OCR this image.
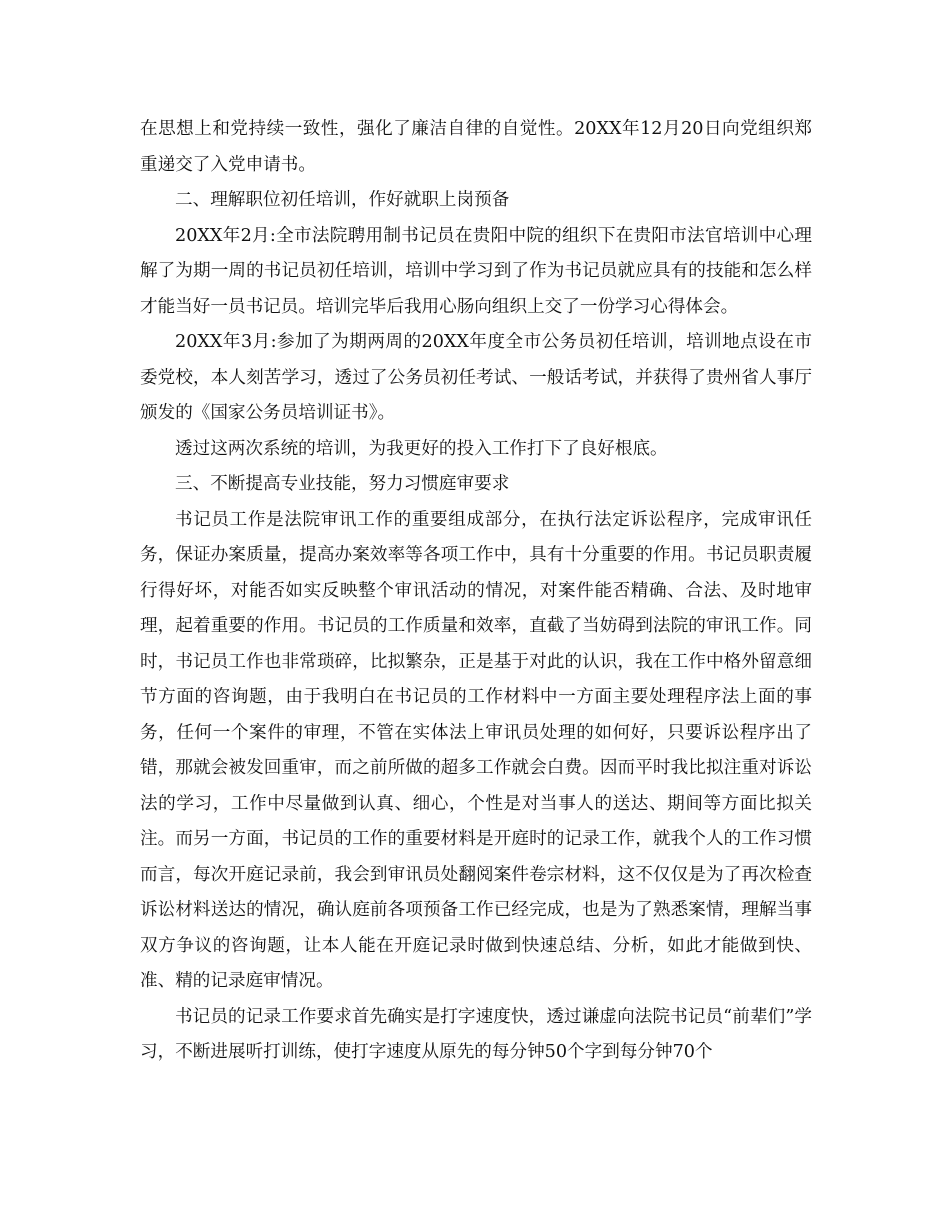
在思想上和党持续一致性，强化了廉洁自律的自觉性。20XX年12月20日向党组织郑重递交了入党申请书。

二、理解职位初任培训，作好就职上岗预备

20XX年2月:全市法院聘用制书记员在贵阳中院的组织下在贵阳市法官培训中心理解了为期一周的书记员初任培训，培训中学习到了作为书记员就应具有的技能和怎么样才能当好一员书记员。培训完毕后我用心肠向组织上交了一份学习心得体会。

20XX年3月:参加了为期两周的20XX年度全市公务员初任培训，培训地点设在市委党校，本人刻苦学习，透过了公务员初任考试、一般话考试，并获得了贵州省人事厅颁发的《国家公务员培训证书》。

透过这两次系统的培训，为我更好的投入工作打下了良好根底。

三、不断提高专业技能，努力习惯庭审要求

书记员工作是法院审讯工作的重要组成部分，在执行法定诉讼程序，完成审讯任务，保证办案质量，提高办案效率等各项工作中，具有十分重要的作用。书记员职责履行得好坏，对能否如实反映整个审讯活动的情况，对案件能否精确、合法、及时地审理，起着重要的作用。书记员的工作质量和效率，直截了当妨碍到法院的审讯工作。同时，书记员工作也非常琐碎，比拟繁杂，正是基于对此的认识，我在工作中格外留意细节方面的咨询题，由于我明白在书记员的工作材料中一方面主要处理程序法上面的事务，任何一个案件的审理，不管在实体法上审讯员处理的如何好，只要诉讼程序出了错，那就会被发回重审，而之前所做的超多工作就会白费。因而平时我比拟注重对诉讼法的学习，工作中尽量做到认真、细心，个性是对当事人的送达、期间等方面比拟关注。而另一方面，书记员的工作的重要材料是开庭时的记录工作，就我个人的工作习惯而言，每次开庭记录前，我会到审讯员处翻阅案件卷宗材料，这不仅仅是为了再次检查诉讼材料送达的情况，确认庭前各项预备工作已经完成，也是为了熟悉案情，理解当事双方争议的咨询题，让本人能在开庭记录时做到快速总结、分析，如此才能做到快、准、精的记录庭审情况。

书记员的记录工作要求首先确实是打字速度快，透过谦虚向法院书记员“前辈们”学习，不断进展听打训练，使打字速度从原先的每分钟50个字到每分钟70个
